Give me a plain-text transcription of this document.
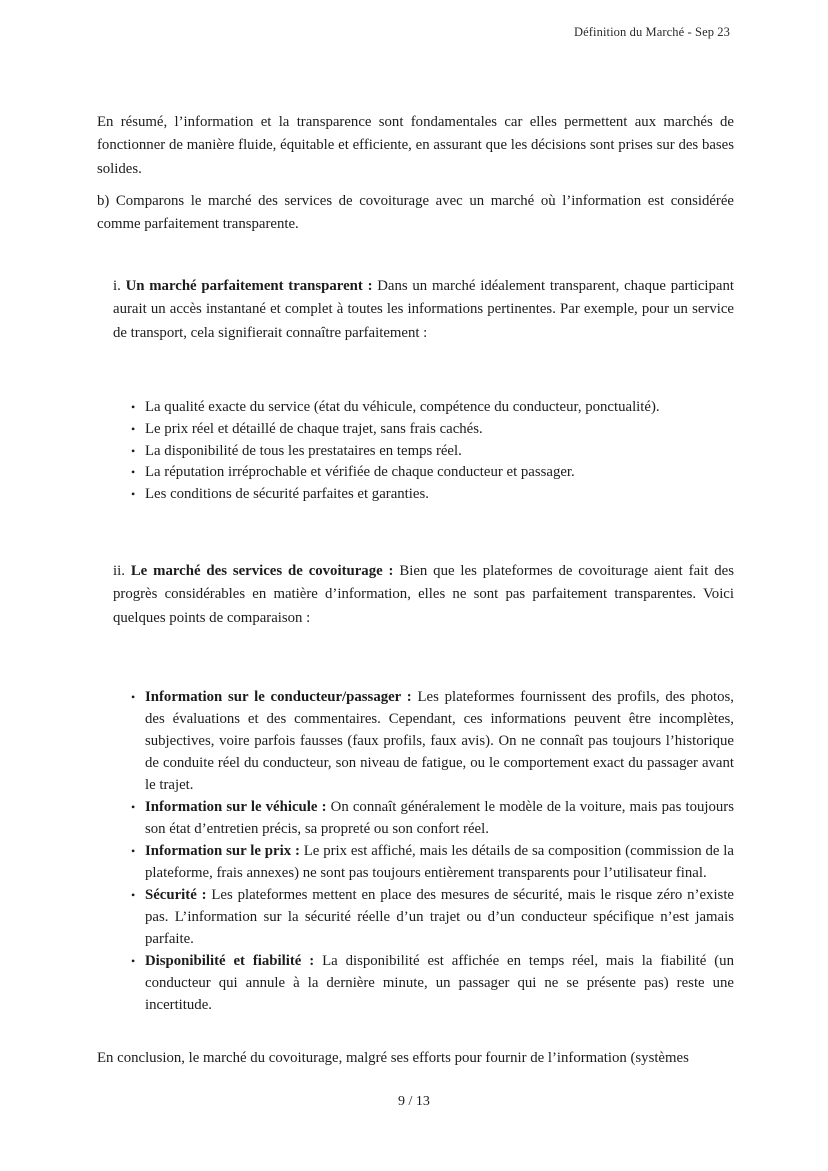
Définition du Marché - Sep 23

En résumé, l’information et la transparence sont fondamentales car elles permettent aux marchés de fonctionner de manière fluide, équitable et efficiente, en assurant que les décisions sont prises sur des bases solides.

b) Comparons le marché des services de covoiturage avec un marché où l’information est considérée comme parfaitement transparente.

i. Un marché parfaitement transparent : Dans un marché idéalement transparent, chaque participant aurait un accès instantané et complet à toutes les informations pertinentes. Par exemple, pour un service de transport, cela signifierait connaître parfaitement :

• La qualité exacte du service (état du véhicule, compétence du conducteur, ponctualité).
• Le prix réel et détaillé de chaque trajet, sans frais cachés.
• La disponibilité de tous les prestataires en temps réel.
• La réputation irréprochable et vérifiée de chaque conducteur et passager.
• Les conditions de sécurité parfaites et garanties.

ii. Le marché des services de covoiturage : Bien que les plateformes de covoiturage aient fait des progrès considérables en matière d’information, elles ne sont pas parfaitement transparentes. Voici quelques points de comparaison :

• Information sur le conducteur/passager : Les plateformes fournissent des profils, des photos, des évaluations et des commentaires. Cependant, ces informations peuvent être incomplètes, subjectives, voire parfois fausses (faux profils, faux avis). On ne connaît pas toujours l’historique de conduite réel du conducteur, son niveau de fatigue, ou le comportement exact du passager avant le trajet.
• Information sur le véhicule : On connaît généralement le modèle de la voiture, mais pas toujours son état d’entretien précis, sa propreté ou son confort réel.
• Information sur le prix : Le prix est affiché, mais les détails de sa composition (commission de la plateforme, frais annexes) ne sont pas toujours entièrement transparents pour l’utilisateur final.
• Sécurité : Les plateformes mettent en place des mesures de sécurité, mais le risque zéro n’existe pas. L’information sur la sécurité réelle d’un trajet ou d’un conducteur spécifique n’est jamais parfaite.
• Disponibilité et fiabilité : La disponibilité est affichée en temps réel, mais la fiabilité (un conducteur qui annule à la dernière minute, un passager qui ne se présente pas) reste une incertitude.

En conclusion, le marché du covoiturage, malgré ses efforts pour fournir de l’information (systèmes

9 / 13
